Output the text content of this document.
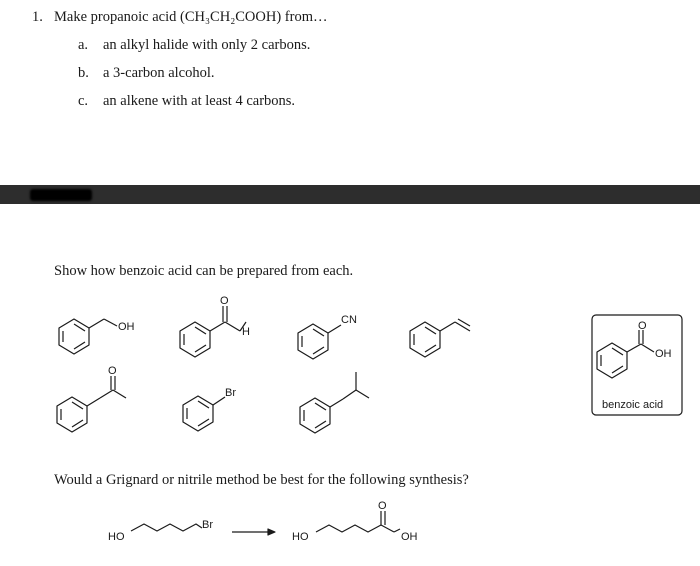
1. Make propanoic acid (CH₃CH₂COOH) from…
a. an alkyl halide with only 2 carbons.
b. a 3-carbon alcohol.
c. an alkene with at least 4 carbons.
Show how benzoic acid can be prepared from each.
OH
O
H
CN
O
Br
O
OH
benzoic acid
HO
Br
HO
O
OH
Would a Grignard or nitrile method be best for the following synthesis?
